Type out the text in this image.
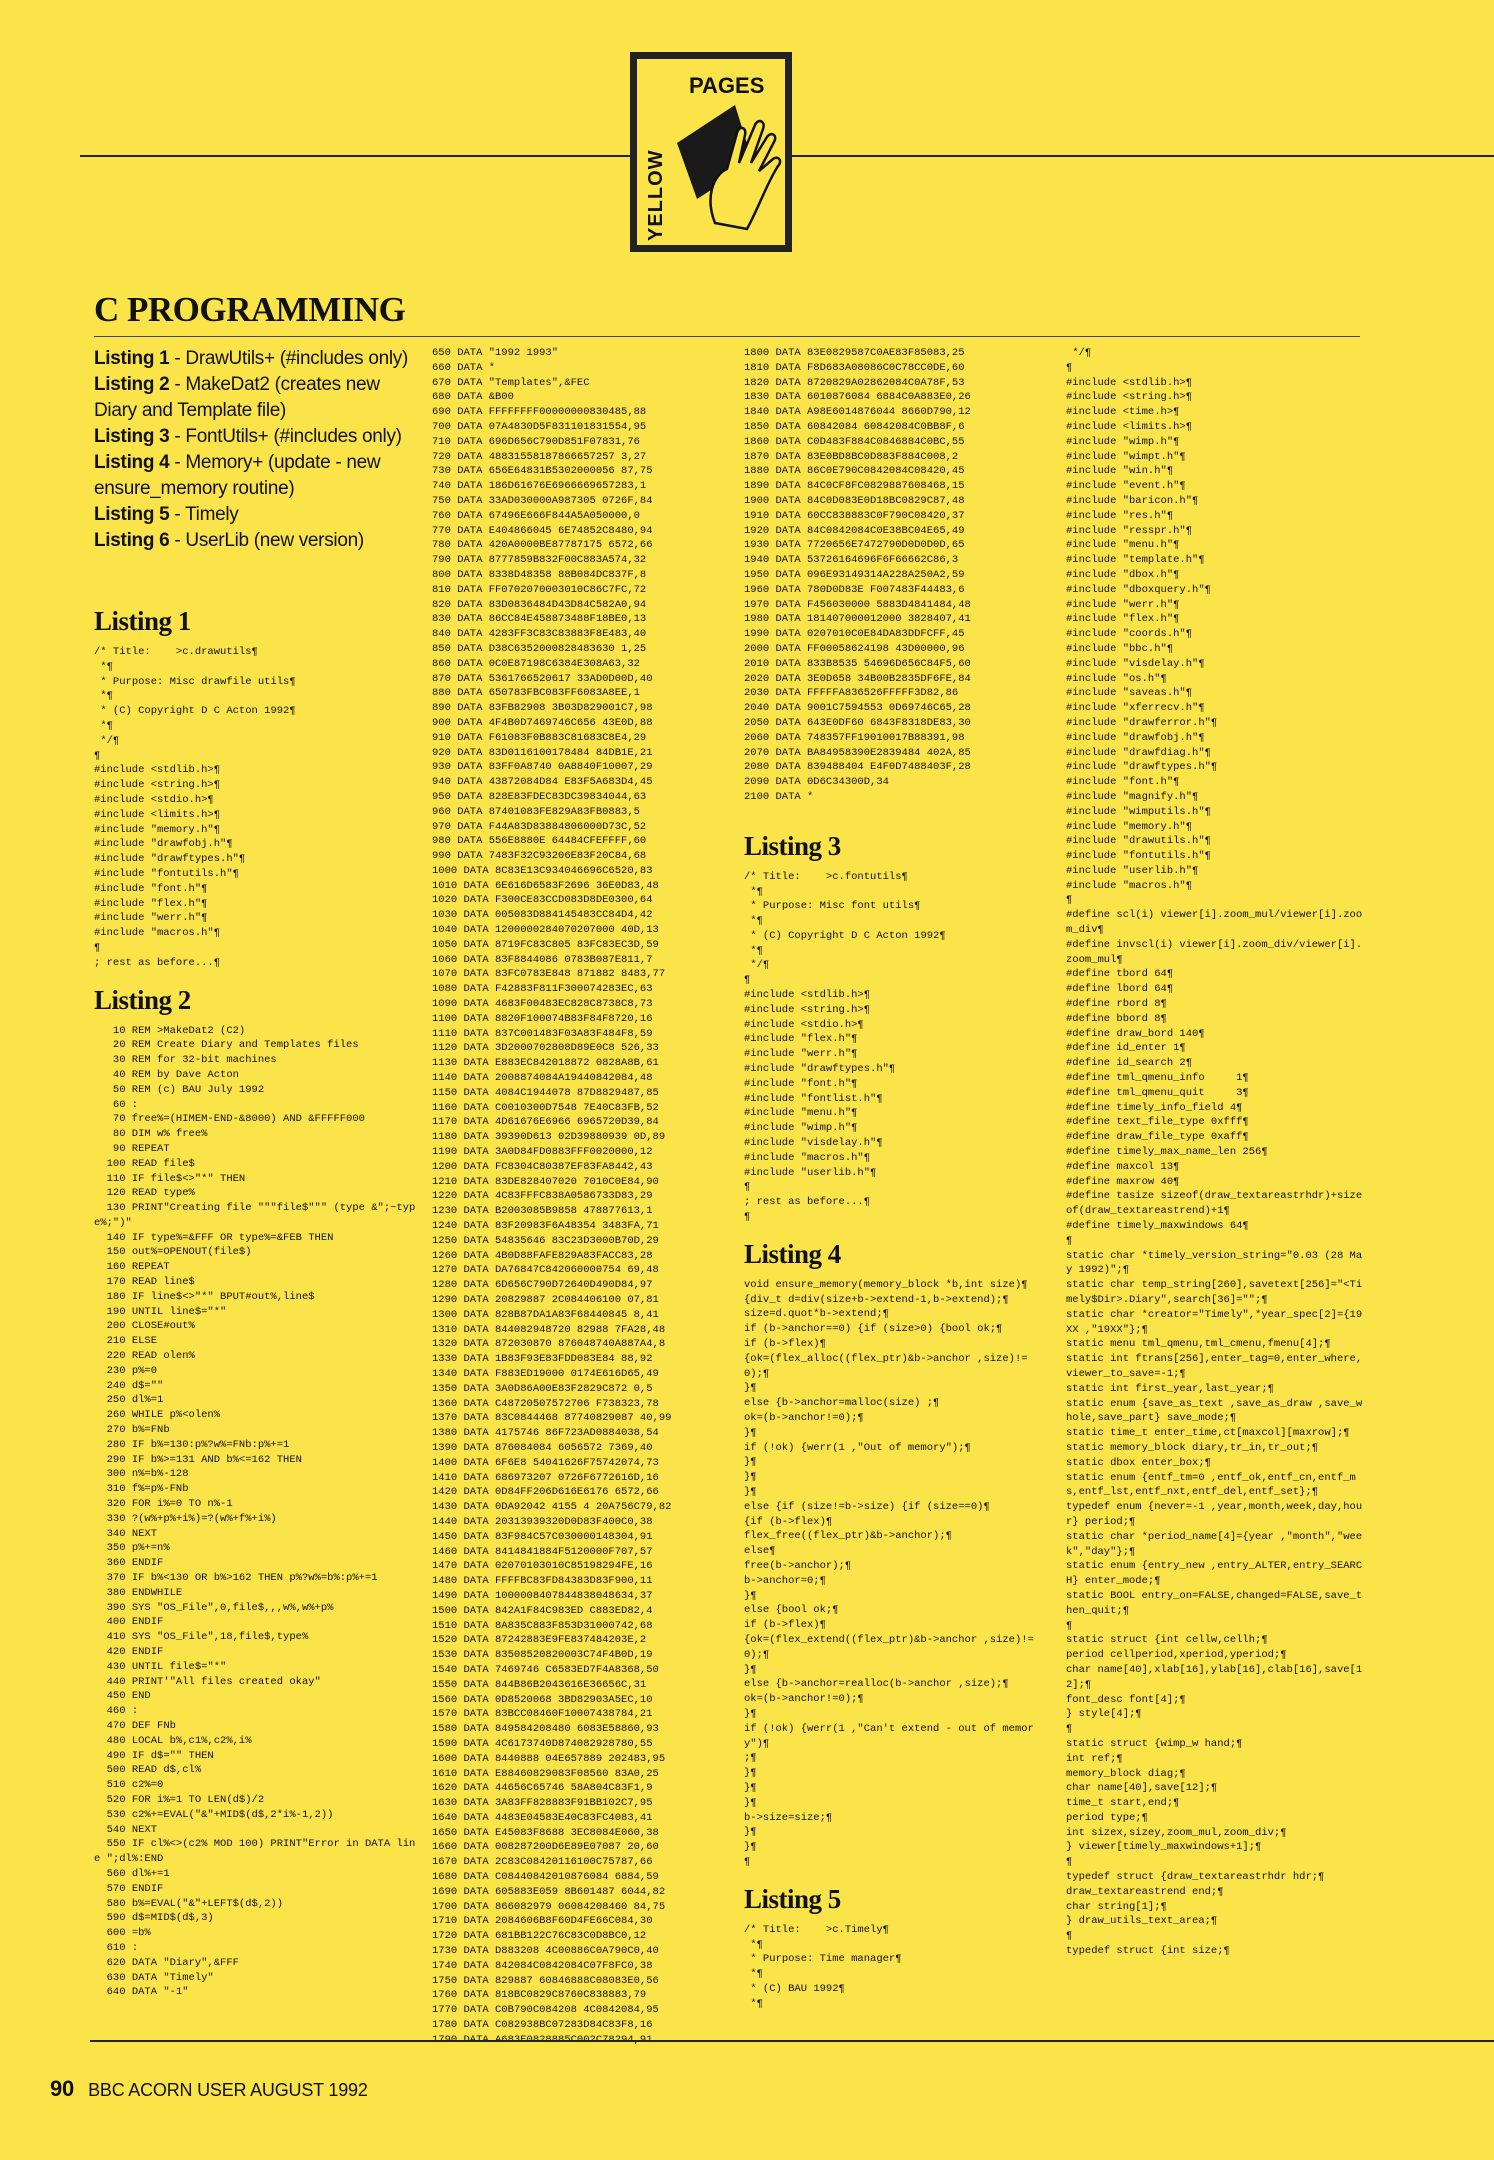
PAGES
YELLOW
C PROGRAMMING
Listing 1 - DrawUtils+ (#includes only)
Listing 2 - MakeDat2 (creates new
Diary and Template file)
Listing 3 - FontUtils+ (#includes only)
Listing 4 - Memory+ (update - new
ensure_memory routine)
Listing 5 - Timely
Listing 6 - UserLib (new version)
Listing 1
/* Title:    >c.drawutils¶
*¶
* Purpose: Misc drawfile utils¶
*¶
* (C) Copyright D C Acton 1992¶
*¶
*/¶
¶
#include <stdlib.h>¶
#include <string.h>¶
#include <stdio.h>¶
#include <limits.h>¶
#include "memory.h"¶
#include "drawfobj.h"¶
#include "drawftypes.h"¶
#include "fontutils.h"¶
#include "font.h"¶
#include "flex.h"¶
#include "werr.h"¶
#include "macros.h"¶
¶
; rest as before...¶
Listing 2
10 REM >MakeDat2 (C2)
20 REM Create Diary and Templates files
30 REM for 32-bit machines
40 REM by Dave Acton
50 REM (c) BAU July 1992
60 :
70 free%=(HIMEM-END-&8000) AND &FFFFF000
80 DIM w% free%
90 REPEAT
100 READ file$
110 IF file$<>"*" THEN
120 READ type%
130 PRINT"Creating file """file$""" (type &";~type%;")"
140 IF type%=&FFF OR type%=&FEB THEN
150 out%=OPENOUT(file$)
160 REPEAT
170 READ line$
180 IF line$<>"*" BPUT#out%,line$
190 UNTIL line$="*"
200 CLOSE#out%
210 ELSE
220 READ olen%
230 p%=0
240 d$=""
250 dl%=1
260 WHILE p%<olen%
270 b%=FNb
280 IF b%=130:p%?w%=FNb:p%+=1
290 IF b%>=131 AND b%<=162 THEN
300 n%=b%-128
310 f%=p%-FNb
320 FOR i%=0 TO n%-1
330 ?(w%+p%+i%)=?(w%+f%+i%)
340 NEXT
350 p%+=n%
360 ENDIF
370 IF b%<130 OR b%>162 THEN p%?w%=b%:p%+=1
380 ENDWHILE
390 SYS "OS_File",0,file$,,,w%,w%+p%
400 ENDIF
410 SYS "OS_File",18,file$,type%
420 ENDIF
430 UNTIL file$="*"
440 PRINT'"All files created okay"
450 END
460 :
470 DEF FNb
480 LOCAL b%,c1%,c2%,i%
490 IF d$="" THEN
500 READ d$,cl%
510 c2%=0
520 FOR i%=1 TO LEN(d$)/2
530 c2%+=EVAL("&"+MID$(d$,2*i%-1,2))
540 NEXT
550 IF cl%<>(c2% MOD 100) PRINT"Error in DATA line ";dl%:END
560 dl%+=1
570 ENDIF
580 b%=EVAL("&"+LEFT$(d$,2))
590 d$=MID$(d$,3)
600 =b%
610 :
620 DATA "Diary",&FFF
630 DATA "Timely"
640 DATA "-1"
650 DATA "1992 1993"
660 DATA *
670 DATA "Templates",&FEC
680 DATA &B00
690 DATA FFFFFFFF00000000830485,88
700 DATA 07A4830D5F831101831554,95
710 DATA 696D656C790D851F07831,76
720 DATA 48831558187866657257 3,27
730 DATA 656E64831B5302000056 87,75
740 DATA 186D61676E6966669657283,1
750 DATA 33AD030000A987305 0726F,84
760 DATA 67496E666F844A5A050000,0
770 DATA E404866045 6E74852C8480,94
780 DATA 420A0000BE87787175 6572,66
790 DATA 8777859B832F00C883A574,32
800 DATA 8338D48358 88B084DC837F,8
810 DATA FF0702070003010C86C7FC,72
820 DATA 83D0836484D43D84C582A0,94
830 DATA 86CC84E458873488F18BE0,13
840 DATA 4283FF3C83C83883F8E483,40
850 DATA D38C6352000828483630 1,25
860 DATA 0C0E87198C6384E308A63,32
870 DATA 5361766520617 33AD0D00D,40
880 DATA 650783FBC083FF6083A8EE,1
890 DATA 83FB82908 3B03D829001C7,98
900 DATA 4F4B0D7469746C656 43E0D,88
910 DATA F61083F0B883C81683C8E4,29
920 DATA 83D0116100178484 84DB1E,21
930 DATA 83FF0A8740 0A8840F10007,29
940 DATA 43872084D84 E83F5A683D4,45
950 DATA 828E83FDEC83DC39834044,63
960 DATA 87401083FE829A83FB0883,5
970 DATA F44A83D83884806000D73C,52
980 DATA 556E8880E 64484CFEFFFF,60
990 DATA 7483F32C93206E83F20C84,68
1000 DATA 8C83E13C934046696C6520,83
1010 DATA 6E616D6583F2696 36E0D83,48
1020 DATA F300CE83CCD083D8DE0300,64
1030 DATA 005083D884145483CC84D4,42
1040 DATA 1200000284070207000 40D,13
1050 DATA 8719FC83C805 83FC83EC3D,59
1060 DATA 83F8844086 0783B087E811,7
1070 DATA 83FC0783E848 871882 8483,77
1080 DATA F42883F811F300074283EC,63
1090 DATA 4683F00483EC828C8738C8,73
1100 DATA 8820F100074B83F84F8720,16
1110 DATA 837C001483F03A83F484F8,59
1120 DATA 3D2000702808D89E0C8 526,33
1130 DATA E883EC842018872 0828A8B,61
1140 DATA 2008874084A19440842084,48
1150 DATA 4084C1944078 87D8829487,85
1160 DATA C0010300D7548 7E40C83FB,52
1170 DATA 4D61676E6966 6965720D39,84
1180 DATA 39390D613 02D39880939 0D,89
1190 DATA 3A0D84FD0883FFF0020000,12
1200 DATA FC8304C80387EF83FA8442,43
1210 DATA 83DE828407020 7010C0E84,90
1220 DATA 4C83FFFC838A0586733D83,29
1230 DATA B2003085B9858 478877613,1
1240 DATA 83F20983F6A48354 3483FA,71
1250 DATA 54835646 83C23D3000B70D,29
1260 DATA 4B0D88FAFE829A83FACC83,28
1270 DATA DA76847C842060000754 69,48
1280 DATA 6D656C790D72640D490D84,97
1290 DATA 20829887 2C084406100 07,81
1300 DATA 828B87DA1A83F68440845 8,41
1310 DATA 844082948720 82988 7FA28,48
1320 DATA 872030870 876048740A887A4,8
1330 DATA 1B83F93E83FDD083E84 88,92
1340 DATA F883ED19000 0174E616D65,49
1350 DATA 3A0D86A00E83F2829C872 0,5
1360 DATA C48720507572706 F738323,78
1370 DATA 83C0844468 87740829087 40,99
1380 DATA 4175746 86F723AD0884038,54
1390 DATA 876084084 6056572 7369,40
1400 DATA 6F6E8 54041626F75742074,73
1410 DATA 686973207 0726F6772616D,16
1420 DATA 0D84FF206D616E6176 6572,66
1430 DATA 0DA92042 4155 4 20A756C79,82
1440 DATA 20313939320D0D83F400C0,38
1450 DATA 83F984C57C030000148304,91
1460 DATA 8414841884F5120000F707,57
1470 DATA 02070103010C85198294FE,16
1480 DATA FFFFBC83FD84383D83F900,11
1490 DATA 1000008407844838048634,37
1500 DATA 842A1F84C983ED C883ED82,4
1510 DATA 8A835C883F853D31000742,68
1520 DATA 87242883E9FE837484203E,2
1530 DATA 83508520820003C74F4B0D,19
1540 DATA 7469746 C6583ED7F4A8368,50
1550 DATA 844B86B2043616E36656C,31
1560 DATA 0D8520068 3BD82903A5EC,10
1570 DATA 83BCC08460F10007438784,21
1580 DATA 849584208480 6083E58860,93
1590 DATA 4C6173740D874082928780,55
1600 DATA 8440888 04E657889 202483,95
1610 DATA E88460829083F08560 83A0,25
1620 DATA 44656C65746 58A804C83F1,9
1630 DATA 3A83FF828883F91BB102C7,95
1640 DATA 4483E04583E40C83FC4083,41
1650 DATA E45083F8688 3EC8084E060,38
1660 DATA 008287200D6E89E07087 20,60
1670 DATA 2C83C08420116100C75787,66
1680 DATA C08440842010876084 6884,59
1690 DATA 605883E059 8B601487 6044,82
1700 DATA 866082979 06084208460 84,75
1710 DATA 2084606B8F60D4FE66C084,30
1720 DATA 681BB122C76C83C0D8BC0,12
1730 DATA D883208 4C00886C0A790C0,40
1740 DATA 842084C0842084C07F8FC0,38
1750 DATA 829887 60846888C08083E0,56
1760 DATA 818BC0829C8760C838883,79
1770 DATA C0B790C084208 4C0842084,95
1780 DATA C082938BC07283D84C83F8,16
1790 DATA A683E0828885C002C78294,91
1800 DATA 83E0829587C0AE83F85083,25
1810 DATA F8D683A08086C0C78CC0DE,60
1820 DATA 8720829A02862084C0A78F,53
1830 DATA 6010876084 6884C0A883E0,26
1840 DATA A98E6014876044 8660D790,12
1850 DATA 60842084 60842084C0BB8F,6
1860 DATA C0D483F884C0846884C0BC,55
1870 DATA 83E0BD8BC0D883F884C008,2
1880 DATA 86C0E790C0842084C08420,45
1890 DATA 84C0CF8FC0829887608468,15
1900 DATA 84C0D083E0D18BC0829C87,48
1910 DATA 60CC838883C0F790C08420,37
1920 DATA 84C0842084C0E38BC04E65,49
1930 DATA 7720656E7472790D0D0D0D,65
1940 DATA 53726164696F6F66662C86,3
1950 DATA 096E93149314A228A250A2,59
1960 DATA 780D0D83E F007483F44483,6
1970 DATA F456030000 5883D4841484,48
1980 DATA 181407000012000 3828407,41
1990 DATA 0207010C0E84DA83DDFCFF,45
2000 DATA FF00058624198 43D00000,96
2010 DATA 833B8535 54696D656C84F5,60
2020 DATA 3E0D658 34B00B2835DF6FE,84
2030 DATA FFFFFA836526FFFFF3D82,86
2040 DATA 9001C7594553 0D69746C65,28
2050 DATA 643E0DF60 6843F8318DE83,30
2060 DATA 748357FF19010017B88391,98
2070 DATA BA84958390E2839484 402A,85
2080 DATA 839488404 E4F0D7488403F,28
2090 DATA 0D6C34300D,34
2100 DATA *
Listing 3
/* Title:    >c.fontutils¶
*¶
* Purpose: Misc font utils¶
*¶
* (C) Copyright D C Acton 1992¶
*¶
*/¶
¶
#include <stdlib.h>¶
#include <string.h>¶
#include <stdio.h>¶
#include "flex.h"¶
#include "werr.h"¶
#include "drawftypes.h"¶
#include "font.h"¶
#include "fontlist.h"¶
#include "menu.h"¶
#include "wimp.h"¶
#include "visdelay.h"¶
#include "macros.h"¶
#include "userlib.h"¶
¶
; rest as before...¶
¶
Listing 4
void ensure_memory(memory_block *b,int size)¶
{div_t d=div(size+b->extend-1,b->extend);¶
size=d.quot*b->extend;¶
if (b->anchor==0) {if (size>0) {bool ok;¶
if (b->flex)¶
{ok=(flex_alloc((flex_ptr)&b->anchor ,size)!=0);¶
}¶
else {b->anchor=malloc(size) ;¶
ok=(b->anchor!=0);¶
}¶
if (!ok) {werr(1 ,"Out of memory");¶
}¶
}¶
}¶
else {if (size!=b->size) {if (size==0)¶
{if (b->flex)¶
flex_free((flex_ptr)&b->anchor);¶
else¶
free(b->anchor);¶
b->anchor=0;¶
}¶
else {bool ok;¶
if (b->flex)¶
{ok=(flex_extend((flex_ptr)&b->anchor ,size)!=0);¶
}¶
else {b->anchor=realloc(b->anchor ,size);¶
ok=(b->anchor!=0);¶
}¶
if (!ok) {werr(1 ,"Can't extend - out of memory")¶
;¶
}¶
}¶
}¶
b->size=size;¶
}¶
}¶
¶
Listing 5
/* Title:    >c.Timely¶
*¶
* Purpose: Time manager¶
*¶
* (C) BAU 1992¶
*¶
*/¶
¶
#include <stdlib.h>¶
#include <string.h>¶
#include <time.h>¶
#include <limits.h>¶
#include "wimp.h"¶
#include "wimpt.h"¶
#include "win.h"¶
#include "event.h"¶
#include "baricon.h"¶
#include "res.h"¶
#include "resspr.h"¶
#include "menu.h"¶
#include "template.h"¶
#include "dbox.h"¶
#include "dboxquery.h"¶
#include "werr.h"¶
#include "flex.h"¶
#include "coords.h"¶
#include "bbc.h"¶
#include "visdelay.h"¶
#include "os.h"¶
#include "saveas.h"¶
#include "xferrecv.h"¶
#include "drawferror.h"¶
#include "drawfobj.h"¶
#include "drawfdiag.h"¶
#include "drawftypes.h"¶
#include "font.h"¶
#include "magnify.h"¶
#include "wimputils.h"¶
#include "memory.h"¶
#include "drawutils.h"¶
#include "fontutils.h"¶
#include "userlib.h"¶
#include "macros.h"¶
¶
#define scl(i) viewer[i].zoom_mul/viewer[i].zoom_div¶
#define invscl(i) viewer[i].zoom_div/viewer[i].zoom_mul¶
#define tbord 64¶
#define lbord 64¶
#define rbord 8¶
#define bbord 8¶
#define draw_bord 140¶
#define id_enter 1¶
#define id_search 2¶
#define tml_qmenu_info     1¶
#define tml_qmenu_quit     3¶
#define timely_info_field 4¶
#define text_file_type 0xfff¶
#define draw_file_type 0xaff¶
#define timely_max_name_len 256¶
#define maxcol 13¶
#define maxrow 40¶
#define tasize sizeof(draw_textareastrhdr)+sizeof(draw_textareastrend)+1¶
#define timely_maxwindows 64¶
¶
static char *timely_version_string="0.03 (28 May 1992)";¶
static char temp_string[260],savetext[256]="<Timely$Dir>.Diary",search[36]="";¶
static char *creator="Timely",*year_spec[2]={19XX ,"19XX"};¶
static menu tml_qmenu,tml_cmenu,fmenu[4];¶
static int ftrans[256],enter_tag=0,enter_where,viewer_to_save=-1;¶
static int first_year,last_year;¶
static enum {save_as_text ,save_as_draw ,save_whole,save_part} save_mode;¶
static time_t enter_time,ct[maxcol][maxrow];¶
static memory_block diary,tr_in,tr_out;¶
static dbox enter_box;¶
static enum {entf_tm=0 ,entf_ok,entf_cn,entf_ms,entf_lst,entf_nxt,entf_del,entf_set};¶
typedef enum {never=-1 ,year,month,week,day,hour} period;¶
static char *period_name[4]={year ,"month","week","day"};¶
static enum {entry_new ,entry_ALTER,entry_SEARCH} enter_mode;¶
static BOOL entry_on=FALSE,changed=FALSE,save_then_quit;¶
¶
static struct {int cellw,cellh;¶
period cellperiod,xperiod,yperiod;¶
char name[40],xlab[16],ylab[16],clab[16],save[12];¶
font_desc font[4];¶
} style[4];¶
¶
static struct {wimp_w hand;¶
int ref;¶
memory_block diag;¶
char name[40],save[12];¶
time_t start,end;¶
period type;¶
int sizex,sizey,zoom_mul,zoom_div;¶
} viewer[timely_maxwindows+1];¶
¶
typedef struct {draw_textareastrhdr hdr;¶
draw_textareastrend end;¶
char string[1];¶
} draw_utils_text_area;¶
¶
typedef struct {int size;¶
90 BBC ACORN USER AUGUST 1992
